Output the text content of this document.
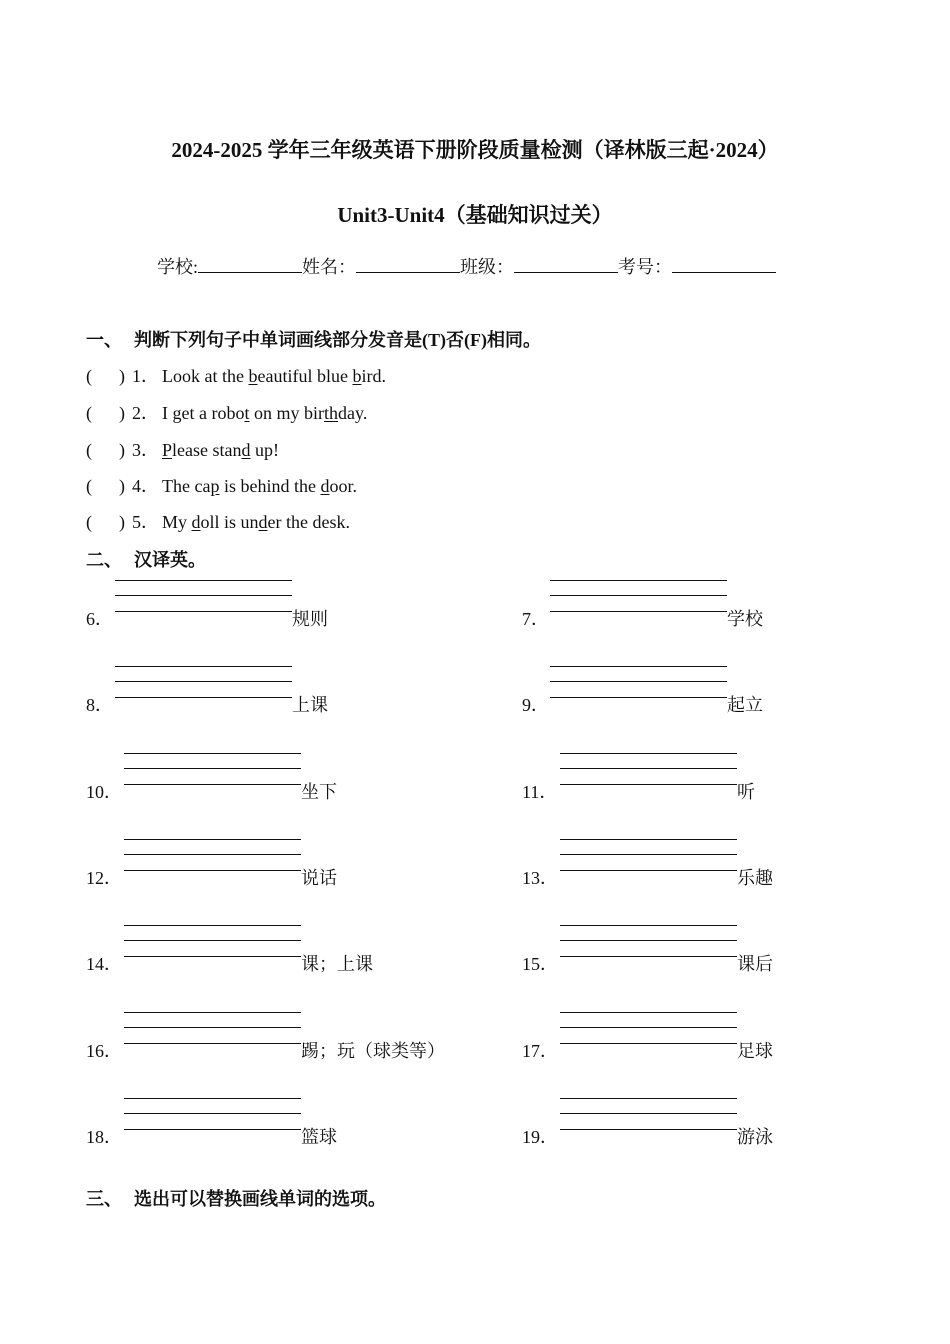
2024-2025 学年三年级英语下册阶段质量检测（译林版三起·2024）
Unit3-Unit4（基础知识过关）
学校:	姓名：	班级：	考号：
一、 判断下列句子中单词画线部分发音是(T)否(F)相同。
( ) 1． Look at the beautiful blue bird.
( ) 2． I get a robot on my birthday.
( ) 3． Please stand up!
( ) 4． The cap is behind the door.
( ) 5． My doll is under the desk.
二、 汉译英。
6．	规则	7．	学校
8．	上课	9．	起立
10．	坐下	11．	听
12．	说话	13．	乐趣
14．	课；上课	15．	课后
16．	踢；玩（球类等）	17．	足球
18．	篮球	19．	游泳
三、 选出可以替换画线单词的选项。
